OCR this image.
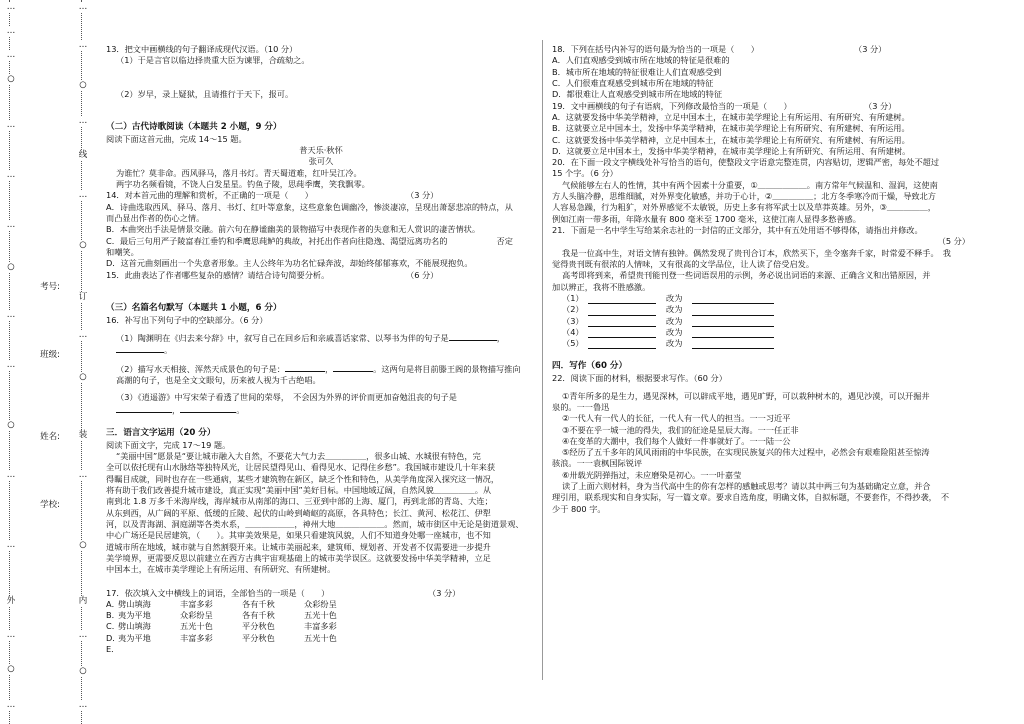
…
…
…
○
…
…
…
○
…
…
○
…
…
外
…
○
…
考号:
班级:
姓名:
学校:
…
…
○
…
线
…
○
订
…
○
装
…
○
内
…
○
…

13．把文中画横线的句子翻译成现代汉语。（10 分）

（1）于是言官以临边择贵重大臣为谏罪，合疏劾之。

（2）岁早，录上疑狱，且请推行于天下，报可。

（二）古代诗歌阅读（本题共 2 小题，9 分）

阅读下面这首元曲，完成 14～15 题。

普天乐·秋怀

张可久

为谁忙？莫非命。西风驿马，落月书灯。青天蜀道难，红叶吴江冷。

两字功名频看镜，不饶人白发星星。钓鱼子陵，思莼季鹰，笑我飘零。

14．对本首元曲的理解和赏析，不正确的一项是（　　）	（3 分）

A．诗曲选取西风、驿马、落月、书灯、红叶等意象，这些意象色调幽冷，惨淡凄凉，呈现出萧瑟悲凉的特点，从

而凸显出作者的伤心之情。

B．本曲突出手法是情景交融。前六句在静谧幽美的景物描写中表现作者的失意和无人赏识的凄苦情状。

C．最后三句用严子陵富春江垂钓和季鹰思莼鲈的典故，衬托出作者向往隐逸、渴望远离功名的　　　　　　否定

和嘲笑。

D．这首元曲刻画出一个失意者形象。主人公终年为功名忙碌奔波，却始终郁郁寡欢，不能展现抱负。

15．此曲表达了作者哪些复杂的感情？请结合诗句简要分析。	（6 分）

（三）名篇名句默写（本题共 1 小题，6 分）

16．补写出下列句子中的空缺部分。（6 分）

（1）陶渊明在《归去来兮辞》中，叙写自己在回乡后和亲戚喜话家常、以琴书为伴的句子是	，

。

（2）描写水天相接、浑然天成景色的句子是：	，	。这两句是将目前滕王阁的景物描写推向

高潮的句子，也是全文文眼句，历来被人视为千古绝唱。

（3）《逍遥游》中写宋荣子看透了世间的荣辱，　不会因为外界的评价而更加奋勉沮丧的句子是

，	。

三．语言文字运用（20 分）

阅读下面文字，完成 17～19 题。

“美丽中国”愿景是“要让城市融入大自然，不要花大气力去＿＿＿＿＿，很多山城、水城很有特色，完

全可以依托现有山水脉络等独特风光，让居民望得见山、看得见水、记得住乡愁”。我国城市建设几十年来获

得瞩目成就，同时也存在一些通病，某些才建筑物在新区，缺乏个性和特色，从美学角度深入探究这一情况，

将有助于我们改善提升城市建设，真正实现“美丽中国”美好目标。中国地域辽阔，自然风貌＿＿＿＿＿。从

南到北 1.8 万多千米海岸线，海岸城市从南部的海口、三亚到中部的上海、厦门，再到北部的青岛、大连；

从东到西，从广阔的平原、低缓的丘陵、起伏的山岭到崎岖的高原，各具特色；长江、黄河、松花江、伊犁

河，以及青海湖、洞庭湖等各类水系，＿＿＿＿＿＿，神州大地＿＿＿＿＿＿。然而，城市街区中无论是街道景观、

中心广场还是民居建筑，（　　）。其审美效果是，如果只看建筑风貌，人们不知道身处哪一座城市，也不知

道城市所在地域，城市就与自然割裂开来。让城市美丽起来，建筑师、规划者、开发者不仅需要进一步提升

美学境界，更需要反思以前建立在西方古典宇宙观基础上的城市美学误区。这就要发扬中华美学精神，立足

中国本土，在城市美学理论上有所运用、有所研究、有所建树。

17．依次填入文中横线上的词语，全部恰当的一项是（　　）	（3 分）

A．
劈山填海	丰富多彩	各有千秋	众彩纷呈
B．
夷为平地	众彩纷呈	各有千秋	五光十色
C．
劈山填海	五光十色	平分秋色	丰富多彩
D．
夷为平地	丰富多彩	平分秋色	五光十色

E．

18．下列在括号内补写的语句最为恰当的一项是（　　）	（3 分）

A．人们直观感受到城市所在地域的特征是很难的

B．城市所在地域的特征很难让人们直观感受到

C．人们很难直观感受到城市所在地域的特征

D．都很难让人直观感受到城市所在地域的特征

19．文中画横线的句子有语病，下列修改最恰当的一项是（　　）	（3 分）

A．这就要发扬中华美学精神，立足中国本土，在城市美学理论上有所运用、有所研究、有所建树。

B．这就要立足中国本土，发扬中华美学精神，在城市美学理论上有所研究、有所建树、有所运用。

C．这就要发扬中华美学精神，立足中国本土，在城市美学理论上有所研究、有所建树、有所运用。

D．这就要立足中国本土，发扬中华美学精神，在城市美学理论上有所研究、有所运用、有所建树。

20．在下面一段文字横线处补写恰当的语句，使整段文字语意完整连贯，内容贴切，逻辑严密，每处不超过

15 个字。（6 分）

气候能够左右人的性情，其中有两个因素十分重要，①＿＿＿＿＿＿。南方常年气候温和、湿润，这使南

方人头脑冷静，思维细腻，对外界变化敏感，并功于心计，②＿＿＿＿＿；北方冬季寒冷而干燥，导致北方

人容易急躁，行为粗犷，对外界感觉不太敏锐，历史上多有将军武士以及草莽英雄。另外，③＿＿＿＿＿，

例如江南一带多雨，年降水量有 800 毫米至 1700 毫米，这使江南人显得多愁善感。

21．下面是一名中学生写给某余志社的一封信的正文部分，其中有五处用语不够得体，请指出并修改。

（5 分）

我是一位高中生，对语文情有独钟。偶然发现了贵刊合订本，欣然买下，坐令塞奔千家，时常爱不释手。　我

觉得贵刊既有很浓的人情味，又有很高的文学品位，让人读了倍受启发。

高考即将到来，希望贵刊能刊登一些词语误用的示例，务必说出词语的来源、正确含义和出错原因，并

加以辨正，我将不胜感激。

（1）	改为
（2）	改为
（3）	改为
（4）	改为
（5）	改为

四．写作（60 分）

22．阅读下面的材料，根据要求写作。（60 分）

①青年所多的是生力，遇见深林，可以辟成平地，遇见旷野，可以栽种树木的，遇见沙漠，可以开掘井

泉的。一一鲁迅

②一代人有一代人的长征，一代人有一代人的担当。一一习近平

③不要在乎一城一池的得失，我们的征途是星辰大海。一一任正非

④在变革的大潮中，我们每个人做好一件事就好了。一一陆一公

⑤经历了五千多年的风风雨雨的中华民族，在实现民族复兴的伟大过程中，必然会有艰难险阻甚至惊涛

骇浪。一一袁枫国际锐评

⑥卅载光阴弹指过，未应磨染是初心。一一叶嘉莹

读了上面六则材料，身为当代高中生的你有怎样的感触或思考？请以其中两三句为基础确定立意，并合

理引用，联系现实和自身实际，写一篇文章。要求自选角度，明确文体，自拟标题，不要套作，不得抄袭，　不

少于 800 字。
